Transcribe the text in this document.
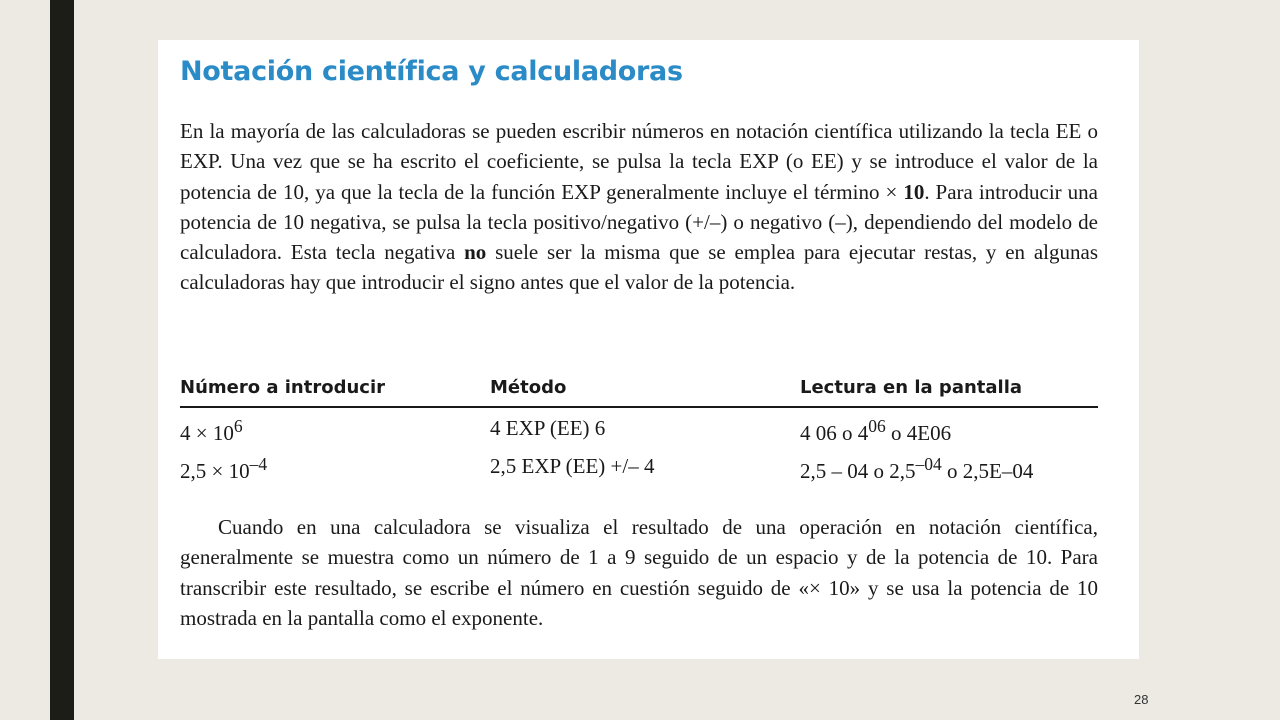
Notación científica y calculadoras

En la mayoría de las calculadoras se pueden escribir números en notación científica utilizando la tecla EE o EXP. Una vez que se ha escrito el coeficiente, se pulsa la tecla EXP (o EE) y se introduce el valor de la potencia de 10, ya que la tecla de la función EXP generalmente incluye el término × 10. Para introducir una potencia de 10 negativa, se pulsa la tecla positivo/negativo (+/–) o negativo (–), dependiendo del modelo de calculadora. Esta tecla negativa no suele ser la misma que se emplea para ejecutar restas, y en algunas calculadoras hay que introducir el signo antes que el valor de la potencia.

Número a introducir	Método	Lectura en la pantalla
$4 \times 10^6$	4 EXP (EE) 6	4 06 o $4^{06}$ o 4E06
$2,5 \times 10^{-4}$	2,5 EXP (EE) +/– 4	2,5 – 04 o $2,5^{-04}$ o 2,5E–04

Cuando en una calculadora se visualiza el resultado de una operación en notación científica, generalmente se muestra como un número de 1 a 9 seguido de un espacio y de la potencia de 10. Para transcribir este resultado, se escribe el número en cuestión seguido de «× 10» y se usa la potencia de 10 mostrada en la pantalla como el exponente.

28
